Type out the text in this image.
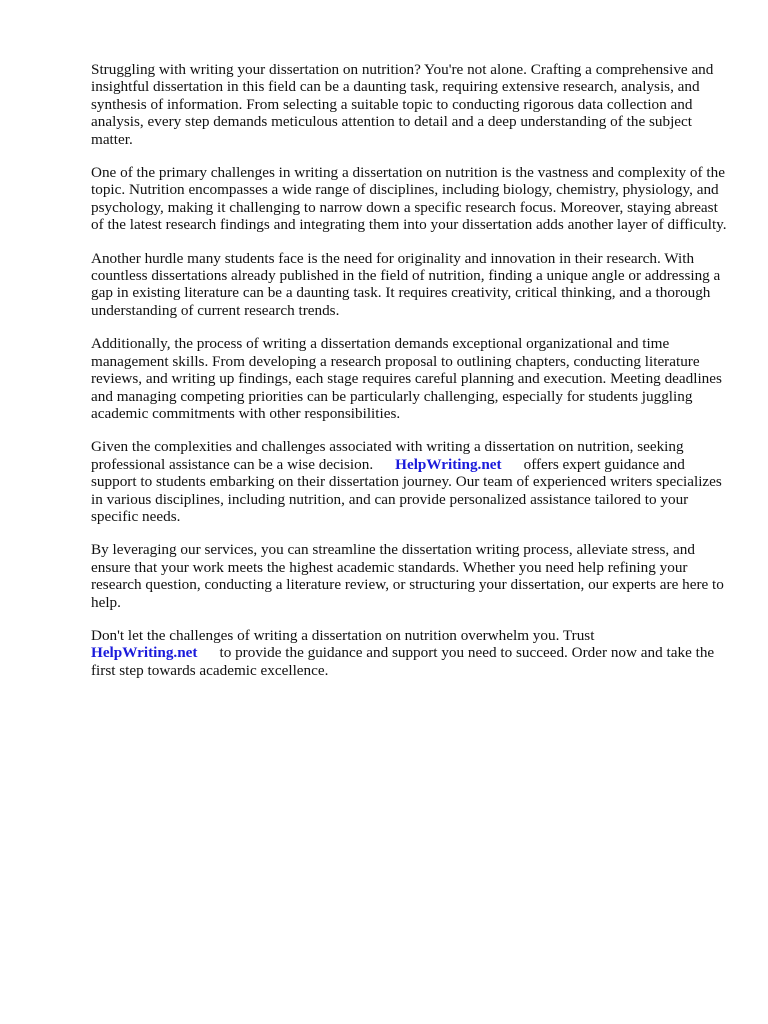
Struggling with writing your dissertation on nutrition? You're not alone. Crafting a comprehensive and insightful dissertation in this field can be a daunting task, requiring extensive research, analysis, and synthesis of information. From selecting a suitable topic to conducting rigorous data collection and analysis, every step demands meticulous attention to detail and a deep understanding of the subject matter.

One of the primary challenges in writing a dissertation on nutrition is the vastness and complexity of the topic. Nutrition encompasses a wide range of disciplines, including biology, chemistry, physiology, and psychology, making it challenging to narrow down a specific research focus. Moreover, staying abreast of the latest research findings and integrating them into your dissertation adds another layer of difficulty.

Another hurdle many students face is the need for originality and innovation in their research. With countless dissertations already published in the field of nutrition, finding a unique angle or addressing a gap in existing literature can be a daunting task. It requires creativity, critical thinking, and a thorough understanding of current research trends.

Additionally, the process of writing a dissertation demands exceptional organizational and time management skills. From developing a research proposal to outlining chapters, conducting literature reviews, and writing up findings, each stage requires careful planning and execution. Meeting deadlines and managing competing priorities can be particularly challenging, especially for students juggling academic commitments with other responsibilities.

Given the complexities and challenges associated with writing a dissertation on nutrition, seeking professional assistance can be a wise decision. HelpWriting.net offers expert guidance and support to students embarking on their dissertation journey. Our team of experienced writers specializes in various disciplines, including nutrition, and can provide personalized assistance tailored to your specific needs.

By leveraging our services, you can streamline the dissertation writing process, alleviate stress, and ensure that your work meets the highest academic standards. Whether you need help refining your research question, conducting a literature review, or structuring your dissertation, our experts are here to help.

Don't let the challenges of writing a dissertation on nutrition overwhelm you. Trust
HelpWriting.net to provide the guidance and support you need to succeed. Order now and take the first step towards academic excellence.
